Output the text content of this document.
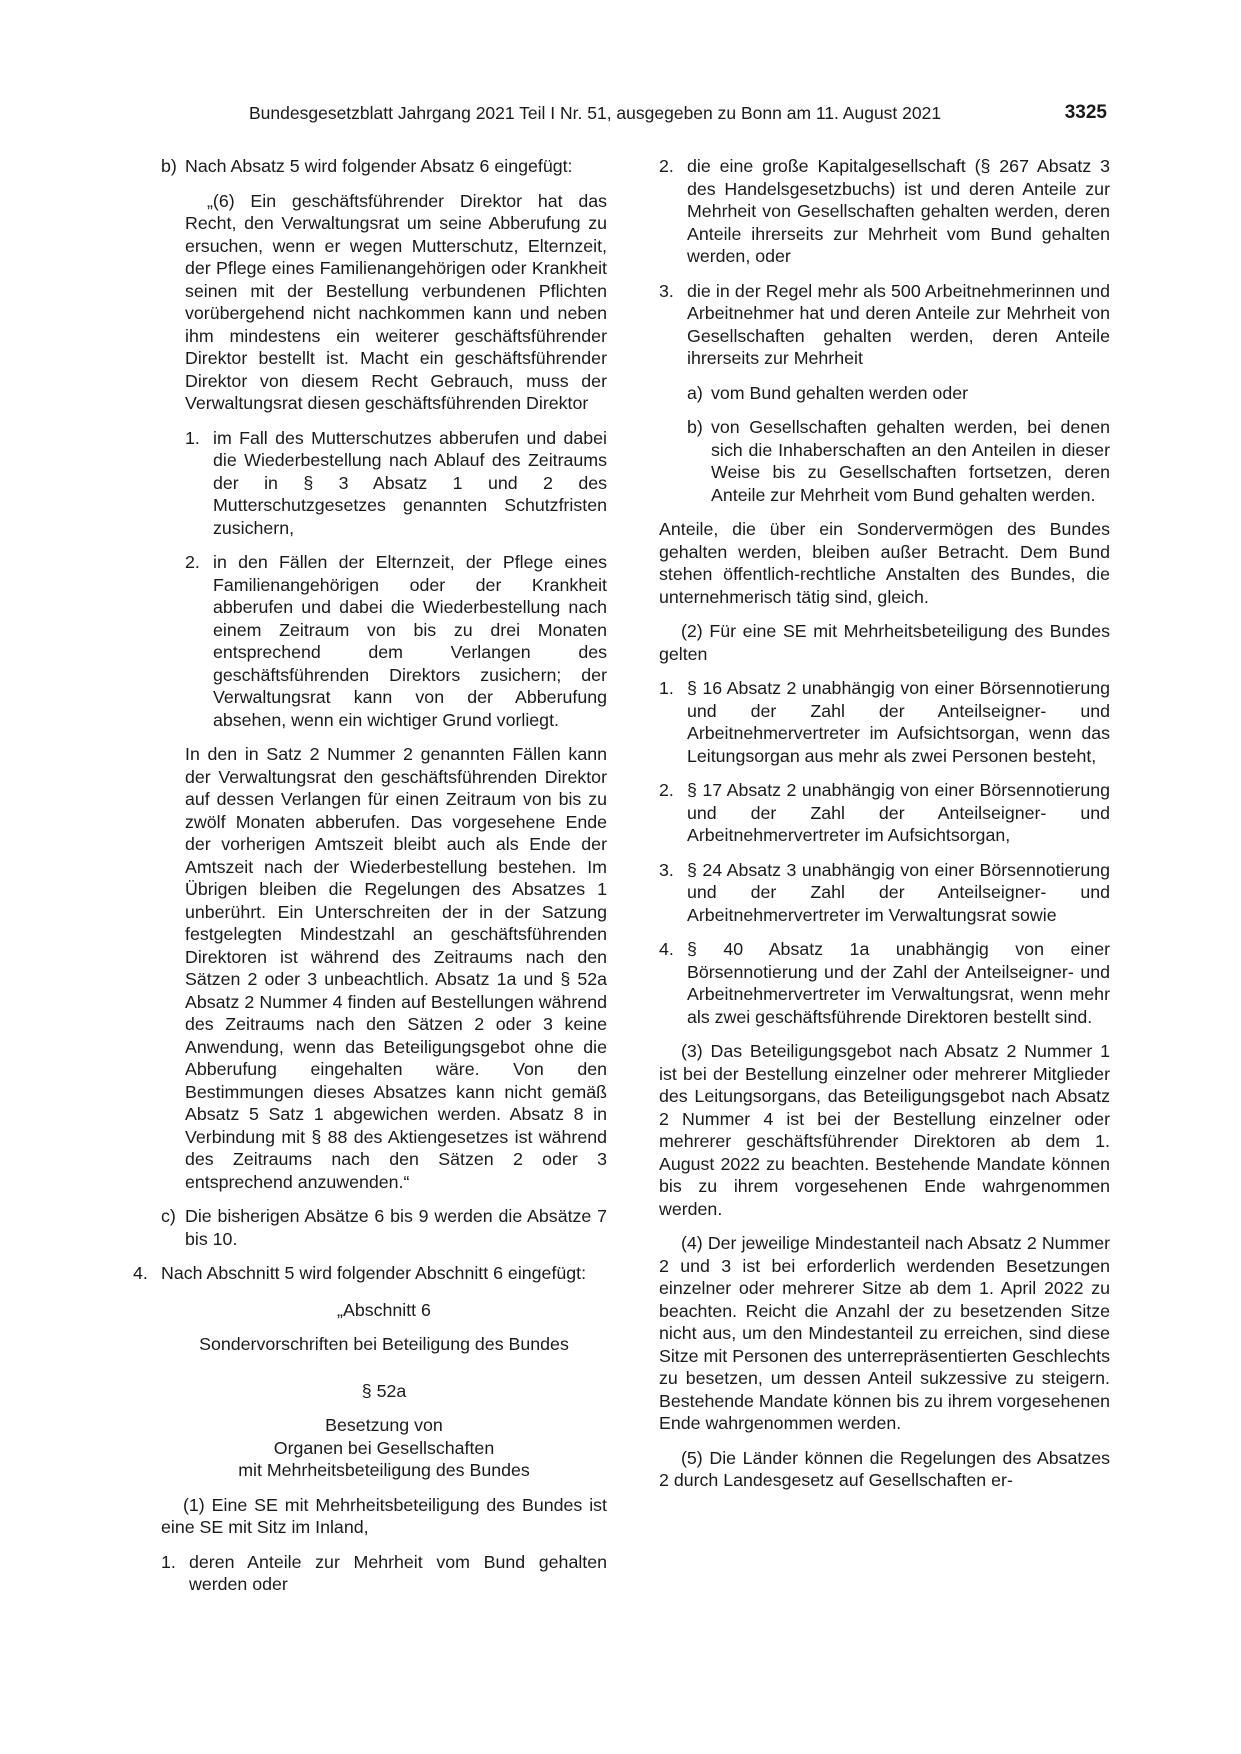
Bundesgesetzblatt Jahrgang 2021 Teil I Nr. 51, ausgegeben zu Bonn am 11. August 2021	3325
b) Nach Absatz 5 wird folgender Absatz 6 eingefügt:
„(6) Ein geschäftsführender Direktor hat das Recht, den Verwaltungsrat um seine Abberufung zu ersuchen, wenn er wegen Mutterschutz, Elternzeit, der Pflege eines Familienangehörigen oder Krankheit seinen mit der Bestellung verbundenen Pflichten vorübergehend nicht nachkommen kann und neben ihm mindestens ein weiterer geschäftsführender Direktor bestellt ist. Macht ein geschäftsführender Direktor von diesem Recht Gebrauch, muss der Verwaltungsrat diesen geschäftsführenden Direktor
1. im Fall des Mutterschutzes abberufen und dabei die Wiederbestellung nach Ablauf des Zeitraums der in § 3 Absatz 1 und 2 des Mutterschutzgesetzes genannten Schutzfristen zusichern,
2. in den Fällen der Elternzeit, der Pflege eines Familienangehörigen oder der Krankheit abberufen und dabei die Wiederbestellung nach einem Zeitraum von bis zu drei Monaten entsprechend dem Verlangen des geschäftsführenden Direktors zusichern; der Verwaltungsrat kann von der Abberufung absehen, wenn ein wichtiger Grund vorliegt.
In den in Satz 2 Nummer 2 genannten Fällen kann der Verwaltungsrat den geschäftsführenden Direktor auf dessen Verlangen für einen Zeitraum von bis zu zwölf Monaten abberufen. Das vorgesehene Ende der vorherigen Amtszeit bleibt auch als Ende der Amtszeit nach der Wiederbestellung bestehen. Im Übrigen bleiben die Regelungen des Absatzes 1 unberührt. Ein Unterschreiten der in der Satzung festgelegten Mindestzahl an geschäftsführenden Direktoren ist während des Zeitraums nach den Sätzen 2 oder 3 unbeachtlich. Absatz 1a und § 52a Absatz 2 Nummer 4 finden auf Bestellungen während des Zeitraums nach den Sätzen 2 oder 3 keine Anwendung, wenn das Beteiligungsgebot ohne die Abberufung eingehalten wäre. Von den Bestimmungen dieses Absatzes kann nicht gemäß Absatz 5 Satz 1 abgewichen werden. Absatz 8 in Verbindung mit § 88 des Aktiengesetzes ist während des Zeitraums nach den Sätzen 2 oder 3 entsprechend anzuwenden.“
c) Die bisherigen Absätze 6 bis 9 werden die Absätze 7 bis 10.
4. Nach Abschnitt 5 wird folgender Abschnitt 6 eingefügt:
„Abschnitt 6
Sondervorschriften bei Beteiligung des Bundes
§ 52a
Besetzung von
Organen bei Gesellschaften
mit Mehrheitsbeteiligung des Bundes
(1) Eine SE mit Mehrheitsbeteiligung des Bundes ist eine SE mit Sitz im Inland,
1. deren Anteile zur Mehrheit vom Bund gehalten werden oder
2. die eine große Kapitalgesellschaft (§ 267 Absatz 3 des Handelsgesetzbuchs) ist und deren Anteile zur Mehrheit von Gesellschaften gehalten werden, deren Anteile ihrerseits zur Mehrheit vom Bund gehalten werden, oder
3. die in der Regel mehr als 500 Arbeitnehmerinnen und Arbeitnehmer hat und deren Anteile zur Mehrheit von Gesellschaften gehalten werden, deren Anteile ihrerseits zur Mehrheit
a) vom Bund gehalten werden oder
b) von Gesellschaften gehalten werden, bei denen sich die Inhaberschaften an den Anteilen in dieser Weise bis zu Gesellschaften fortsetzen, deren Anteile zur Mehrheit vom Bund gehalten werden.
Anteile, die über ein Sondervermögen des Bundes gehalten werden, bleiben außer Betracht. Dem Bund stehen öffentlich-rechtliche Anstalten des Bundes, die unternehmerisch tätig sind, gleich.
(2) Für eine SE mit Mehrheitsbeteiligung des Bundes gelten
1. § 16 Absatz 2 unabhängig von einer Börsennotierung und der Zahl der Anteilseigner- und Arbeitnehmervertreter im Aufsichtsorgan, wenn das Leitungsorgan aus mehr als zwei Personen besteht,
2. § 17 Absatz 2 unabhängig von einer Börsennotierung und der Zahl der Anteilseigner- und Arbeitnehmervertreter im Aufsichtsorgan,
3. § 24 Absatz 3 unabhängig von einer Börsennotierung und der Zahl der Anteilseigner- und Arbeitnehmervertreter im Verwaltungsrat sowie
4. § 40 Absatz 1a unabhängig von einer Börsennotierung und der Zahl der Anteilseigner- und Arbeitnehmervertreter im Verwaltungsrat, wenn mehr als zwei geschäftsführende Direktoren bestellt sind.
(3) Das Beteiligungsgebot nach Absatz 2 Nummer 1 ist bei der Bestellung einzelner oder mehrerer Mitglieder des Leitungsorgans, das Beteiligungsgebot nach Absatz 2 Nummer 4 ist bei der Bestellung einzelner oder mehrerer geschäftsführender Direktoren ab dem 1. August 2022 zu beachten. Bestehende Mandate können bis zu ihrem vorgesehenen Ende wahrgenommen werden.
(4) Der jeweilige Mindestanteil nach Absatz 2 Nummer 2 und 3 ist bei erforderlich werdenden Besetzungen einzelner oder mehrerer Sitze ab dem 1. April 2022 zu beachten. Reicht die Anzahl der zu besetzenden Sitze nicht aus, um den Mindestanteil zu erreichen, sind diese Sitze mit Personen des unterrepräsentierten Geschlechts zu besetzen, um dessen Anteil sukzessive zu steigern. Bestehende Mandate können bis zu ihrem vorgesehenen Ende wahrgenommen werden.
(5) Die Länder können die Regelungen des Absatzes 2 durch Landesgesetz auf Gesellschaften er-
